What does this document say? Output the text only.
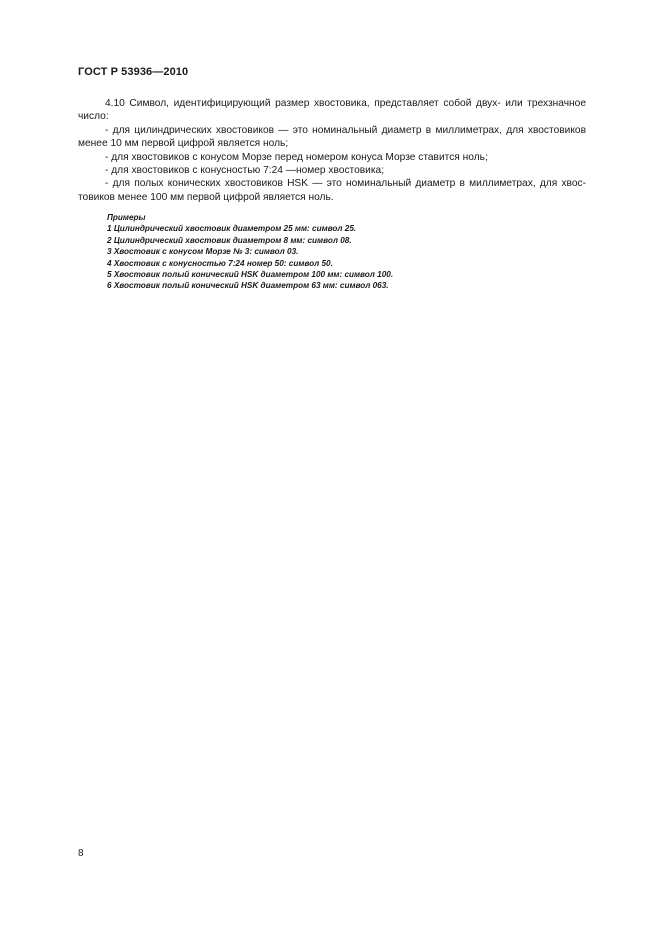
ГОСТ Р 53936—2010

4.10 Символ, идентифицирующий размер хвостовика, представляет собой двух- или трехзначное
число:

- для цилиндрических хвостовиков — это номинальный диаметр в миллиметрах, для хвостовиков
менее 10 мм первой цифрой является ноль;

- для хвостовиков с конусом Морзе перед номером конуса Морзе ставится ноль;

- для хвостовиков с конусностью 7:24 —номер хвостовика;

- для полых конических хвостовиков HSK — это номинальный диаметр в миллиметрах, для хвос-
товиков менее 100 мм первой цифрой является ноль.

Примеры

1 Цилиндрический хвостовик диаметром 25 мм: символ 25.

2 Цилиндрический хвостовик диаметром 8 мм: символ 08.

3 Хвостовик с конусом Морзе № 3: символ 03.

4 Хвостовик с конусностью 7:24 номер 50: символ 50.

5 Хвостовик полый конический HSK диаметром 100 мм: символ 100.

6 Хвостовик полый конический HSK диаметром 63 мм: символ 063.

8
